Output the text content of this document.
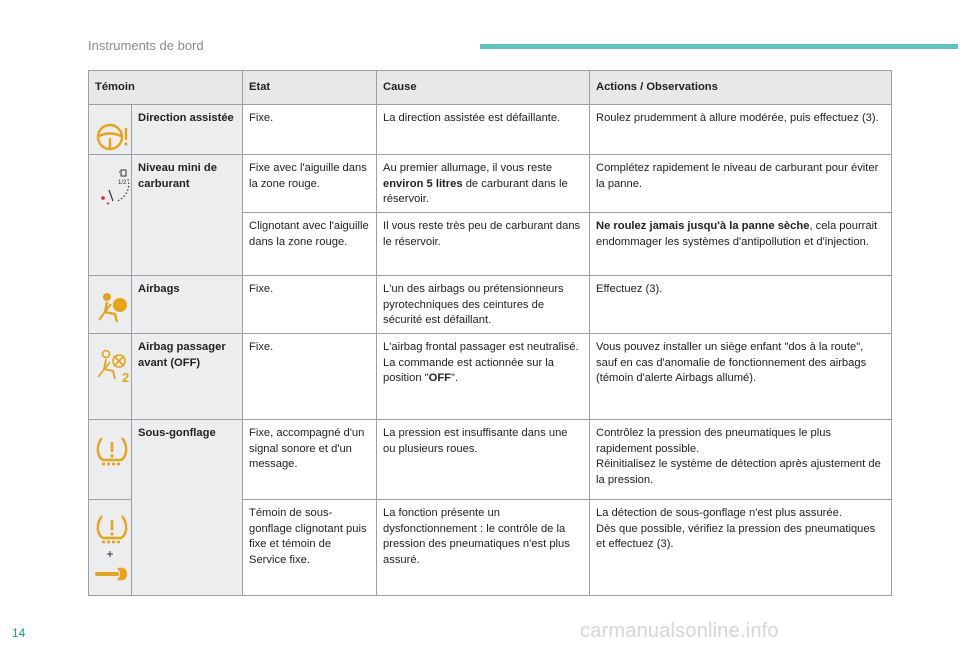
Instruments de bord
Témoin		Etat	Cause	Actions / Observations

	Direction assistée	Fixe.	La direction assistée est défaillante.	Roulez prudemment à allure modérée, puis effectuez (3).

1/2	Niveau mini de carburant	Fixe avec l'aiguille dans la zone rouge.	Au premier allumage, il vous reste environ 5 litres de carburant dans le réservoir.	Complétez rapidement le niveau de carburant pour éviter la panne.
		Clignotant avec l'aiguille dans la zone rouge.	Il vous reste très peu de carburant dans le réservoir.	Ne roulez jamais jusqu'à la panne sèche, cela pourrait endommager les systèmes d'antipollution et d'injection.

	Airbags	Fixe.	L'un des airbags ou prétensionneurs pyrotechniques des ceintures de sécurité est défaillant.	Effectuez (3).

2	Airbag passager avant (OFF)	Fixe.	L'airbag frontal passager est neutralisé.
La commande est actionnée sur la position "OFF".	Vous pouvez installer un siège enfant "dos à la route", sauf en cas d'anomalie de fonctionnement des airbags (témoin d'alerte Airbags allumé).

	Sous-gonflage	Fixe, accompagné d'un signal sonore et d'un message.	La pression est insuffisante dans une ou plusieurs roues.	Contrôlez la pression des pneumatiques le plus rapidement possible.
Réinitialisez le système de détection après ajustement de la pression.

+		Témoin de sous-gonflage clignotant puis fixe et témoin de Service fixe.	La fonction présente un dysfonctionnement : le contrôle de la pression des pneumatiques n'est plus assuré.	La détection de sous-gonflage n'est plus assurée.
Dès que possible, vérifiez la pression des pneumatiques et effectuez (3).
14	carmanualsonline.info
